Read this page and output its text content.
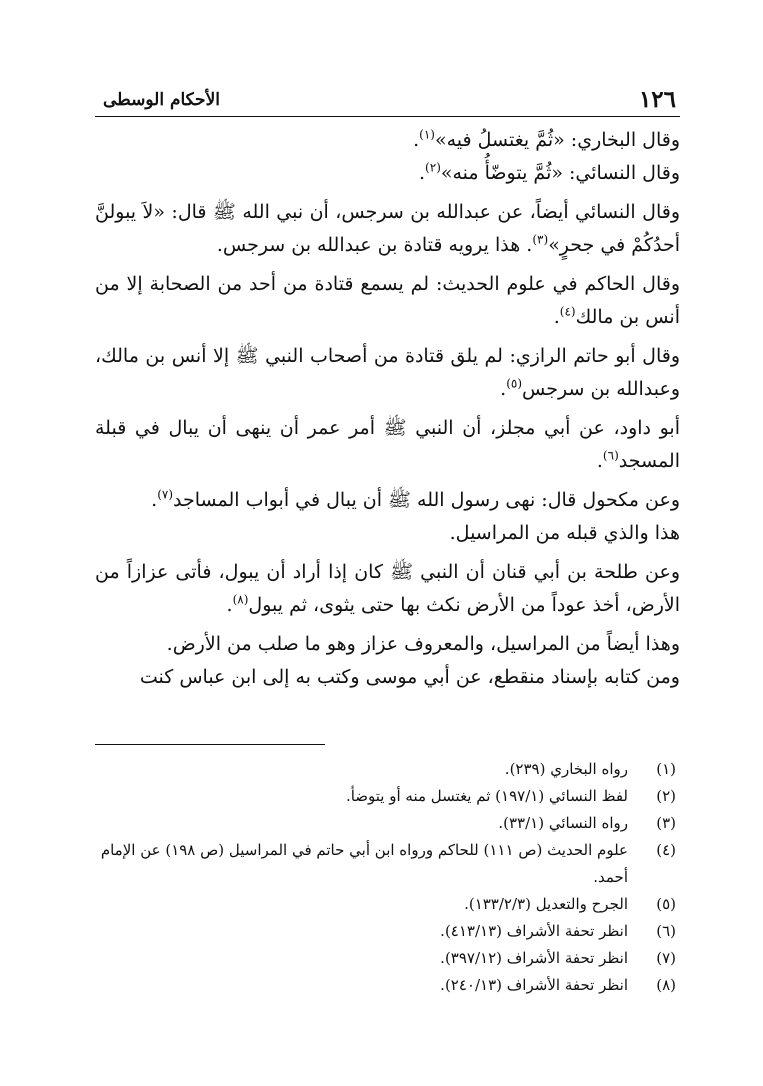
١٢٦
الأحكام الوسطى

وقال البخاري: «ثُمَّ يغتسلُ فيه»$^{(١)}$.

وقال النسائي: «ثُمَّ يتوضّأُ منه»$^{(٢)}$.

وقال النسائي أيضاً، عن عبدالله بن سرجس، أن نبي الله ﷺ قال: «لاَ يبولنَّ أحدُكُمْ في جحرٍ»$^{(٣)}$. هذا يرويه قتادة بن عبدالله بن سرجس.

وقال الحاكم في علوم الحديث: لم يسمع قتادة من أحد من الصحابة إلا من أنس بن مالك$^{(٤)}$.

وقال أبو حاتم الرازي: لم يلق قتادة من أصحاب النبي ﷺ إلا أنس بن مالك، وعبدالله بن سرجس$^{(٥)}$.

أبو داود، عن أبي مجلز، أن النبي ﷺ أمر عمر أن ينهى أن يبال في قبلة المسجد$^{(٦)}$.

وعن مكحول قال: نهى رسول الله ﷺ أن يبال في أبواب المساجد$^{(٧)}$.

هذا والذي قبله من المراسيل.

وعن طلحة بن أبي قنان أن النبي ﷺ كان إذا أراد أن يبول، فأتى عزازاً من الأرض، أخذ عوداً من الأرض نكث بها حتى يثوى، ثم يبول$^{(٨)}$.

وهذا أيضاً من المراسيل، والمعروف عزاز وهو ما صلب من الأرض.

ومن كتابه بإسناد منقطع، عن أبي موسى وكتب به إلى ابن عباس كنت

(١)
رواه البخاري (٢٣٩).
(٢)
لفظ النسائي (١٩٧/١) ثم يغتسل منه أو يتوضأ.
(٣)
رواه النسائي (٣٣/١).
(٤)
علوم الحديث (ص ١١١) للحاكم ورواه ابن أبي حاتم في المراسيل (ص ١٩٨) عن الإمام أحمد.
(٥)
الجرح والتعديل (١٣٣/٢/٣).
(٦)
انظر تحفة الأشراف (٤١٣/١٣).
(٧)
انظر تحفة الأشراف (٣٩٧/١٢).
(٨)
انظر تحفة الأشراف (٢٤٠/١٣).
